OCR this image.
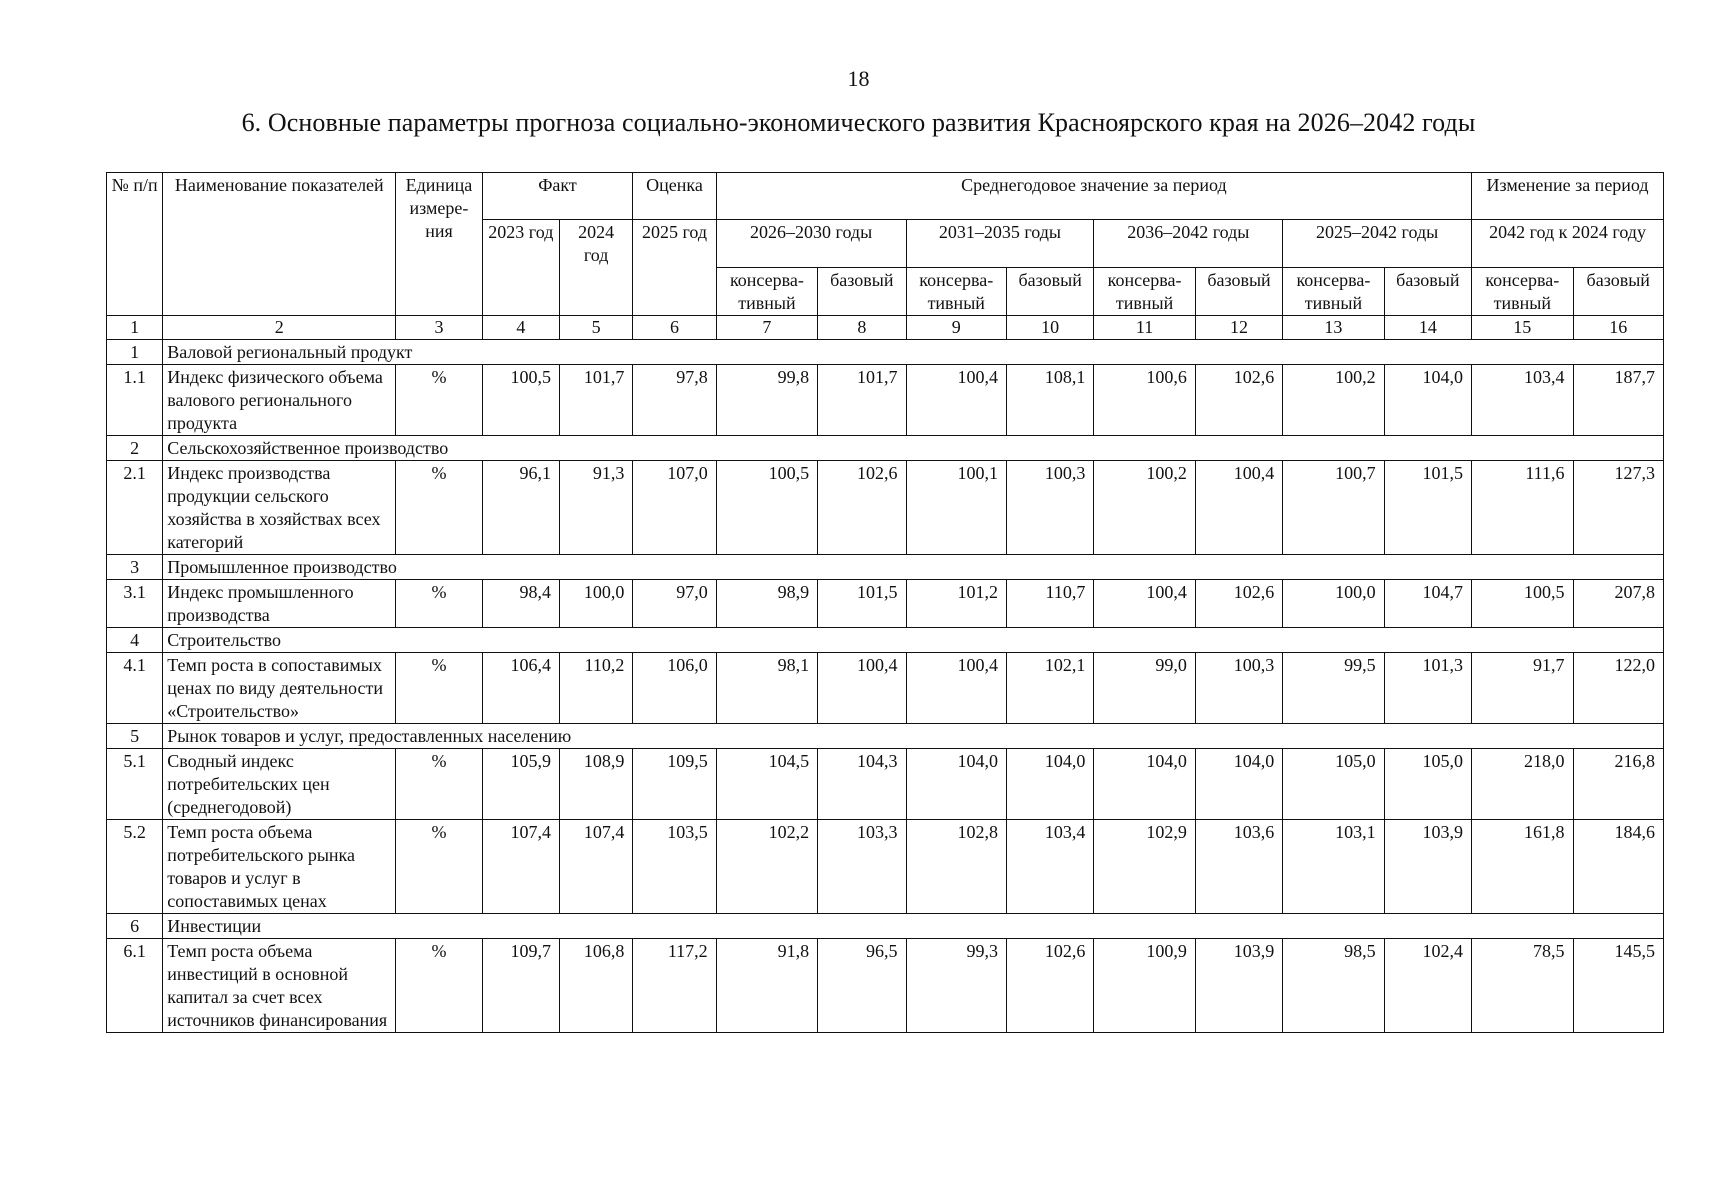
18
6. Основные параметры прогноза социально-экономического развития Красноярского края на 2026–2042 годы
№ п/п	Наименование показателей	Единица измере-ния	Факт		Оценка	Среднегодовое значение за период								Изменение за период	
			2023 год	2024 год	2025 год	2026–2030 годы		2031–2035 годы		2036–2042 годы		2025–2042 годы		2042 год к 2024 году	
						консерва-тивный	базовый	консерва-тивный	базовый	консерва-тивный	базовый	консерва-тивный	базовый	консерва-тивный	базовый
1	2	3	4	5	6	7	8	9	10	11	12	13	14	15	16
1	Валовой региональный продукт														
1.1	Индекс физического объема валового регионального продукта	%	100,5	101,7	97,8	99,8	101,7	100,4	108,1	100,6	102,6	100,2	104,0	103,4	187,7
2	Сельскохозяйственное производство														
2.1	Индекс производства продукции сельского хозяйства в хозяйствах всех категорий	%	96,1	91,3	107,0	100,5	102,6	100,1	100,3	100,2	100,4	100,7	101,5	111,6	127,3
3	Промышленное производство														
3.1	Индекс промышленного производства	%	98,4	100,0	97,0	98,9	101,5	101,2	110,7	100,4	102,6	100,0	104,7	100,5	207,8
4	Строительство														
4.1	Темп роста в сопоставимых ценах по виду деятельности «Строительство»	%	106,4	110,2	106,0	98,1	100,4	100,4	102,1	99,0	100,3	99,5	101,3	91,7	122,0
5	Рынок товаров и услуг, предоставленных населению														
5.1	Сводный индекс потребительских цен (среднегодовой)	%	105,9	108,9	109,5	104,5	104,3	104,0	104,0	104,0	104,0	105,0	105,0	218,0	216,8
5.2	Темп роста объема потребительского рынка товаров и услуг в сопоставимых ценах	%	107,4	107,4	103,5	102,2	103,3	102,8	103,4	102,9	103,6	103,1	103,9	161,8	184,6
6	Инвестиции														
6.1	Темп роста объема инвестиций в основной капитал за счет всех источников финансирования	%	109,7	106,8	117,2	91,8	96,5	99,3	102,6	100,9	103,9	98,5	102,4	78,5	145,5
